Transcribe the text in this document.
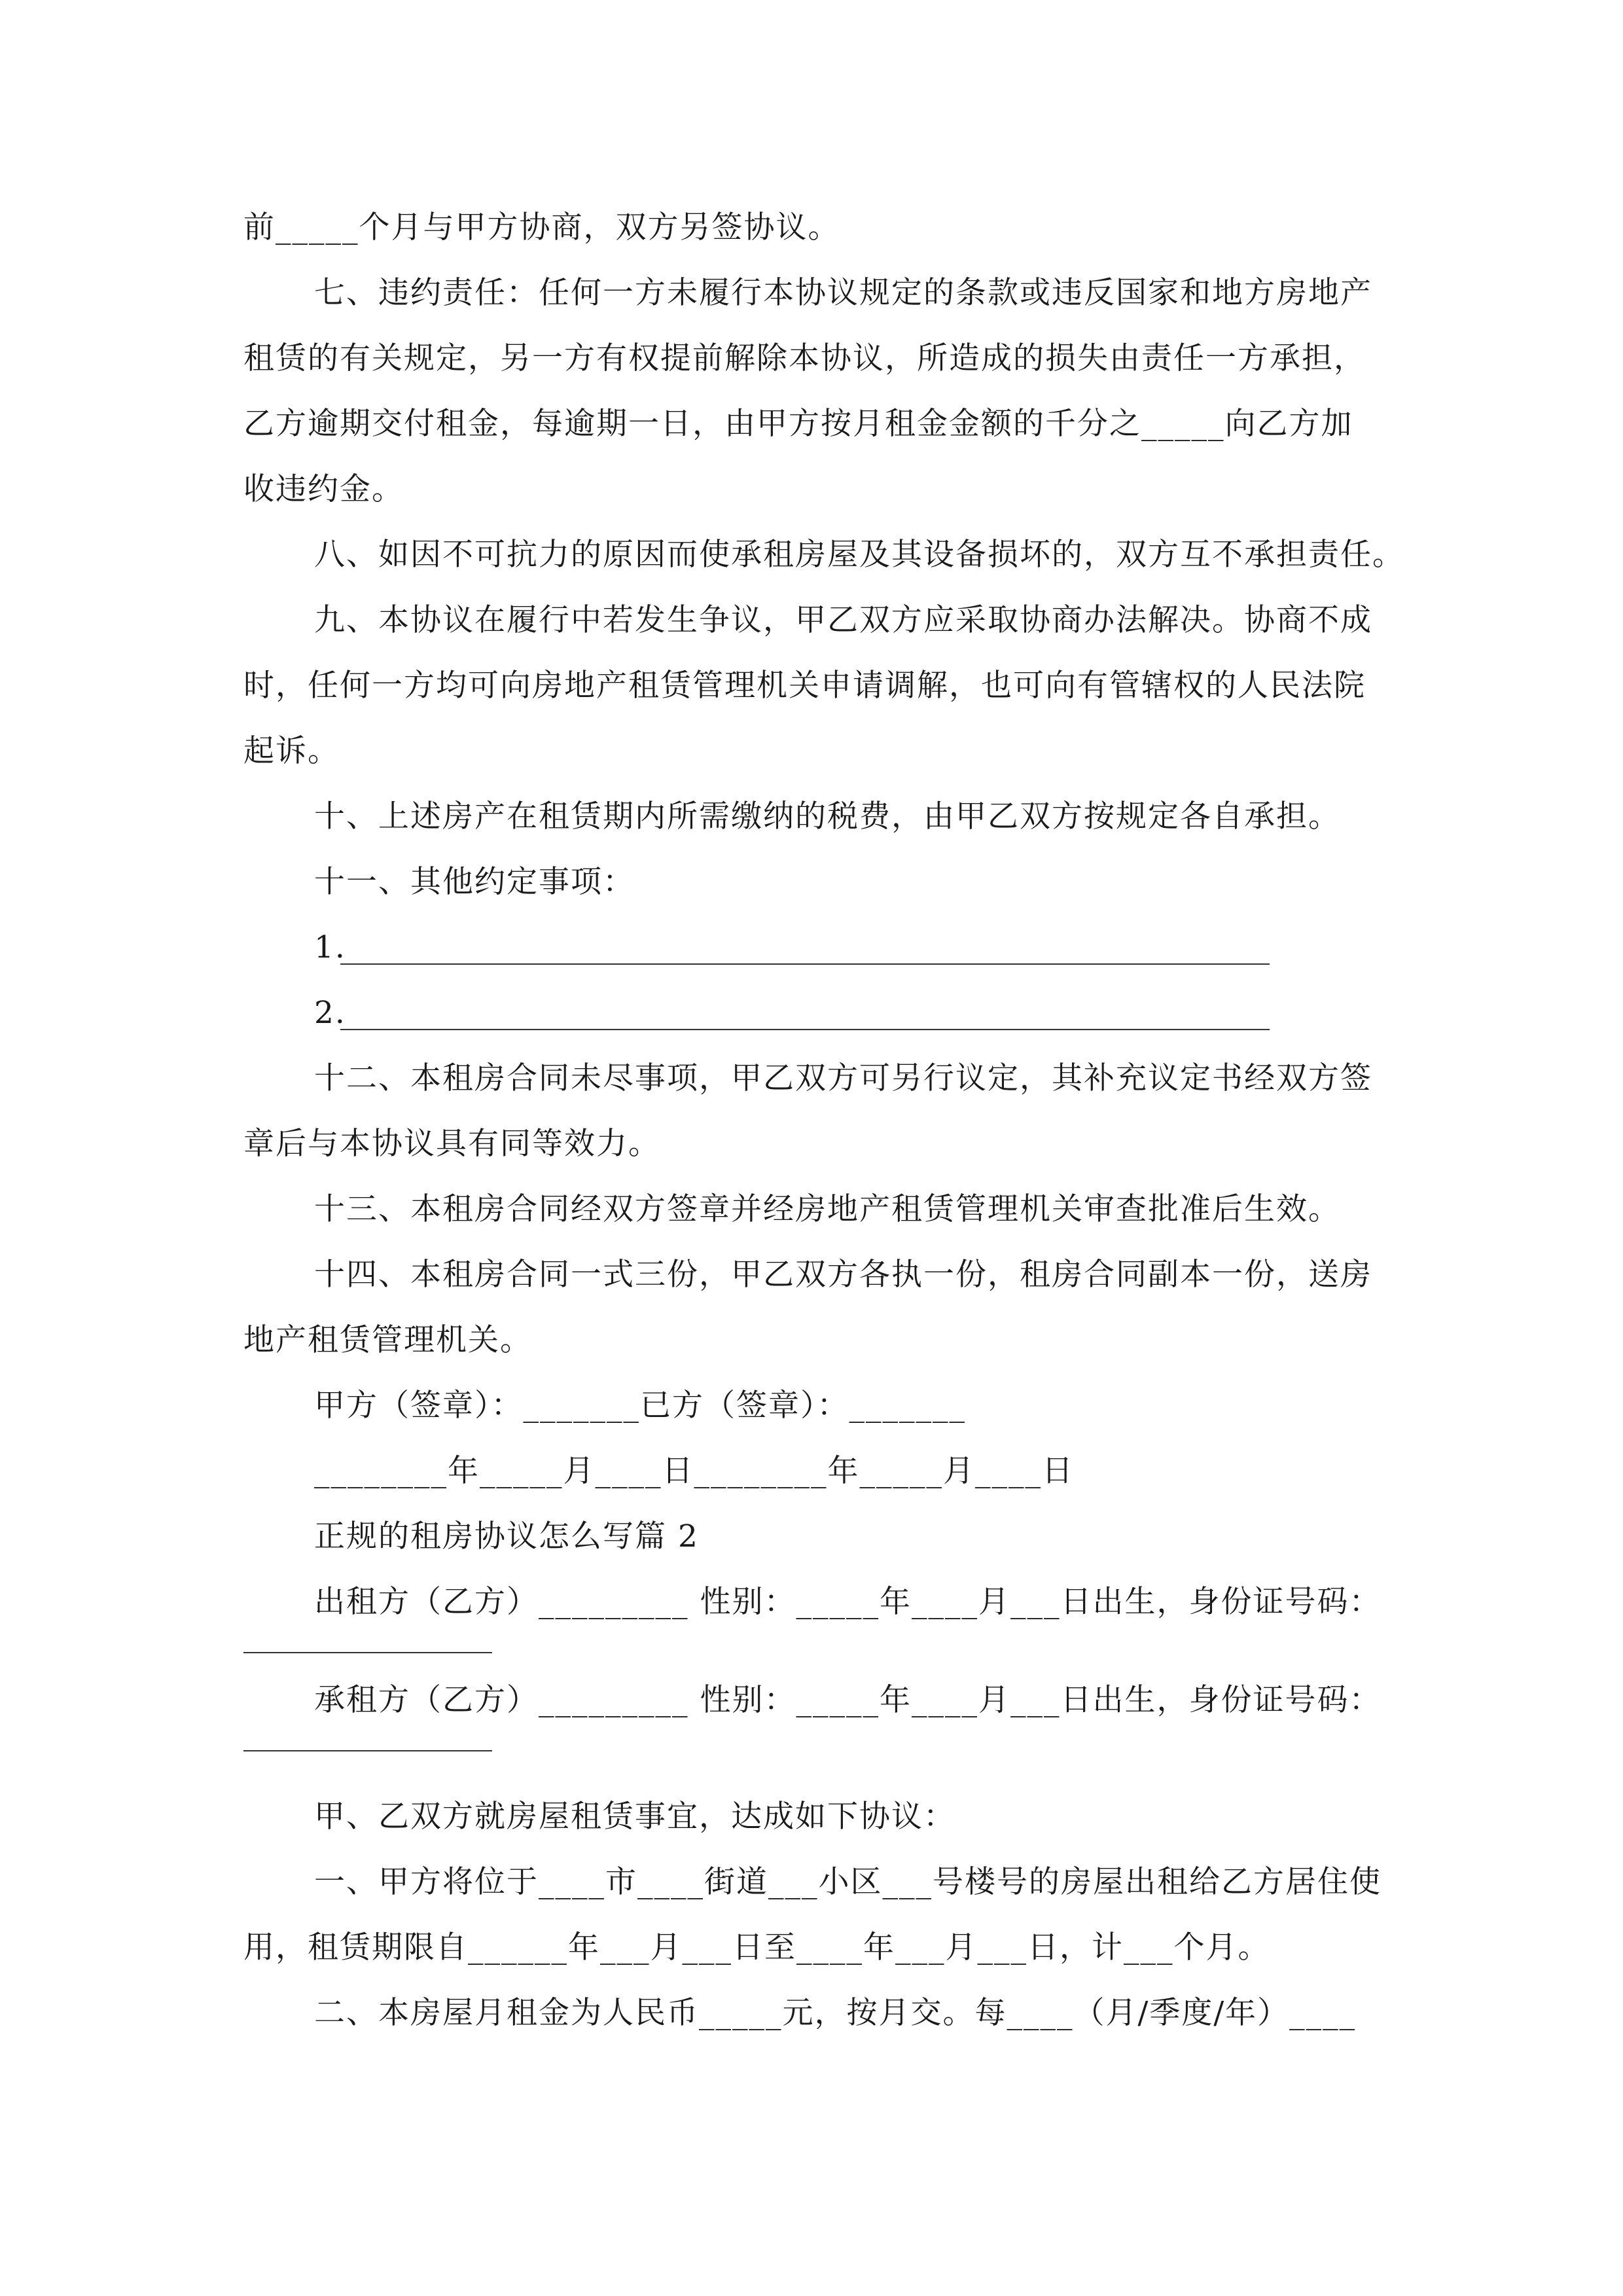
前_____个月与甲方协商，双方另签协议。
七、违约责任：任何一方未履行本协议规定的条款或违反国家和地方房地产
租赁的有关规定，另一方有权提前解除本协议，所造成的损失由责任一方承担，
乙方逾期交付租金，每逾期一日，由甲方按月租金金额的千分之_____向乙方加
收违约金。
八、如因不可抗力的原因而使承租房屋及其设备损坏的，双方互不承担责任。
九、本协议在履行中若发生争议，甲乙双方应采取协商办法解决。协商不成
时，任何一方均可向房地产租赁管理机关申请调解，也可向有管辖权的人民法院
起诉。
十、上述房产在租赁期内所需缴纳的税费，由甲乙双方按规定各自承担。
十一、其他约定事项：
1.
2.
十二、本租房合同未尽事项，甲乙双方可另行议定，其补充议定书经双方签
章后与本协议具有同等效力。
十三、本租房合同经双方签章并经房地产租赁管理机关审查批准后生效。
十四、本租房合同一式三份，甲乙双方各执一份，租房合同副本一份，送房
地产租赁管理机关。
甲方（签章）：_______已方（签章）：_______
________年_____月____日________年_____月____日
正规的租房协议怎么写篇 2
出租方（乙方）_________ 性别：_____年____月___日出生，身份证号码：
承租方（乙方）_________ 性别：_____年____月___日出生，身份证号码：
甲、乙双方就房屋租赁事宜，达成如下协议：
一、甲方将位于____市____街道___小区___号楼号的房屋出租给乙方居住使
用，租赁期限自______年___月___日至____年___月___日，计___个月。
二、本房屋月租金为人民币_____元，按月交。每____（月/季度/年）____
